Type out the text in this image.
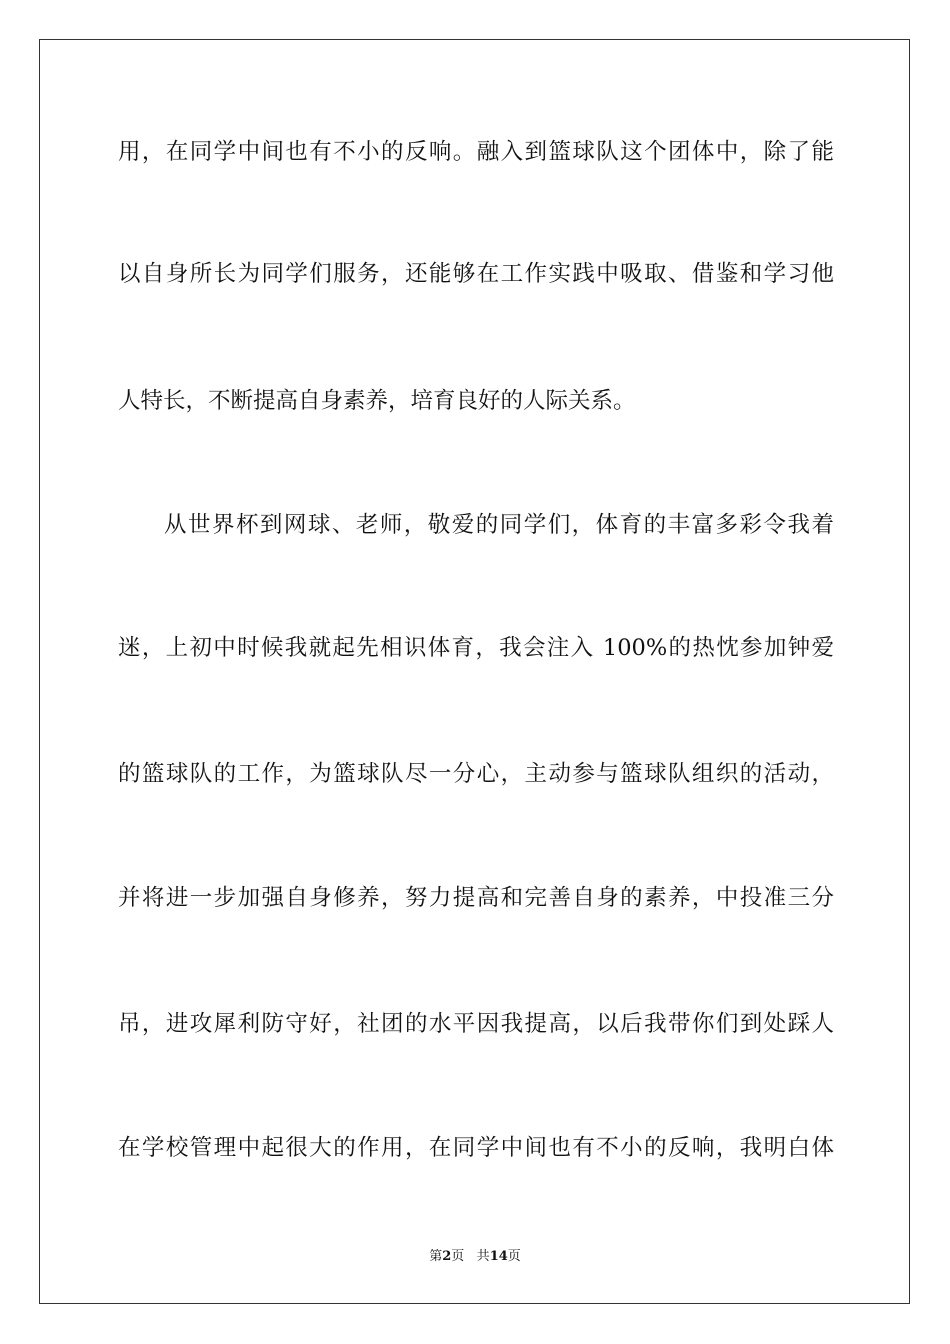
用，在同学中间也有不小的反响。融入到篮球队这个团体中，除了能
以自身所长为同学们服务，还能够在工作实践中吸取、借鉴和学习他
人特长，不断提高自身素养，培育良好的人际关系。
从世界杯到网球、老师，敬爱的同学们，体育的丰富多彩令我着
迷，上初中时候我就起先相识体育，我会注入 100%的热忱参加钟爱
的篮球队的工作，为篮球队尽一分心，主动参与篮球队组织的活动，
并将进一步加强自身修养，努力提高和完善自身的素养，中投准三分
吊，进攻犀利防守好，社团的水平因我提高，以后我带你们到处踩人
在学校管理中起很大的作用，在同学中间也有不小的反响，我明白体
第2页 共14页
